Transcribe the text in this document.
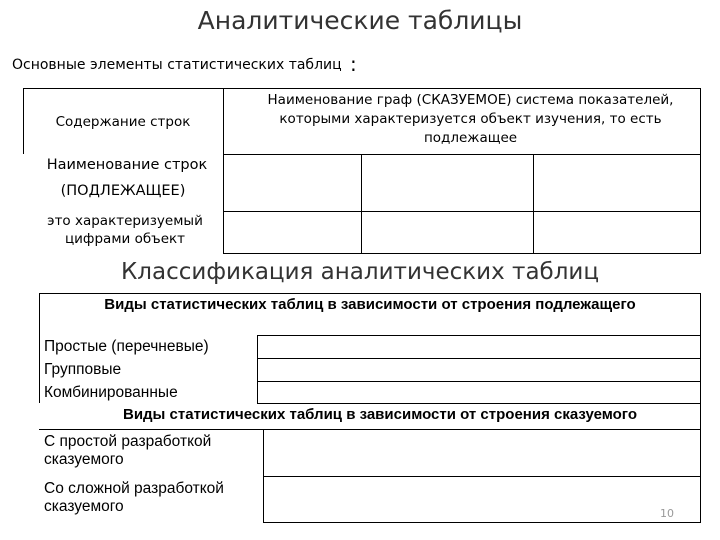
Аналитические таблицы
Основные элементы статистических таблиц :
Содержание строк
Наименование граф (СКАЗУЕМОЕ) система показателей, которыми характеризуется объект изучения, то есть подлежащее
Наименование строк
(ПОДЛЕЖАЩЕЕ)
это характеризуемый цифрами объект
Классификация аналитических таблиц
Виды статистических таблиц в зависимости от строения подлежащего
Простые (перечневые)
Групповые
Комбинированные
Виды статистических таблиц в зависимости от строения сказуемого
С простой разработкой сказуемого
Со сложной разработкой сказуемого	10
